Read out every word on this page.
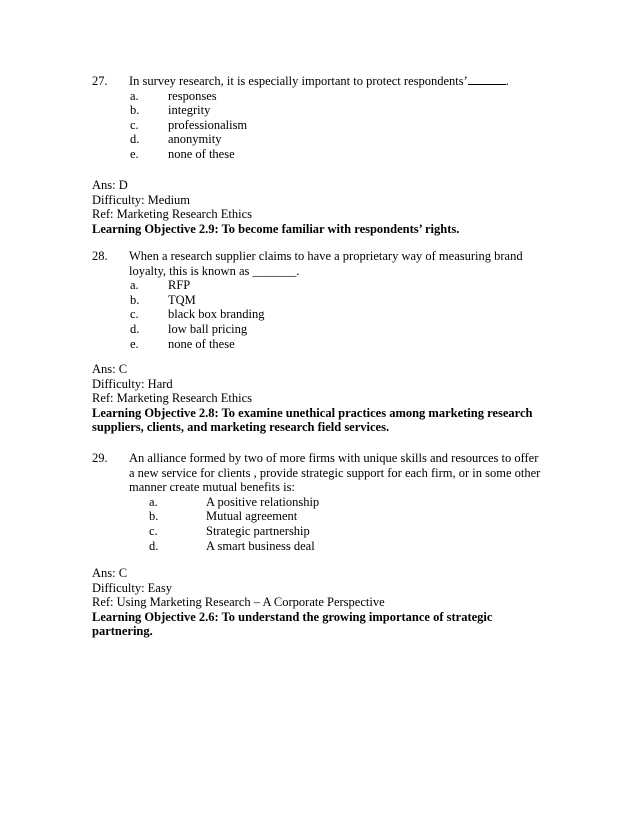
27.	In survey research, it is especially important to protect respondents’	.
a.	responses
b.	integrity
c.	professionalism
d.	anonymity
e.	none of these
Ans: D
Difficulty: Medium
Ref: Marketing Research Ethics
Learning Objective 2.9: To become familiar with respondents’ rights.
28.	When a research supplier claims to have a proprietary way of measuring brand
loyalty, this is known as _______.
a.	RFP
b.	TQM
c.	black box branding
d.	low ball pricing
e.	none of these
Ans: C
Difficulty: Hard
Ref: Marketing Research Ethics
Learning Objective 2.8: To examine unethical practices among marketing research
suppliers, clients, and marketing research field services.
29.	An alliance formed by two of more firms with unique skills and resources to offer
a new service for clients , provide strategic support for each firm, or in some other
manner create mutual benefits is:
a.	A positive relationship
b.	Mutual agreement
c.	Strategic partnership
d.	A smart business deal
Ans: C
Difficulty: Easy
Ref: Using Marketing Research – A Corporate Perspective
Learning Objective 2.6: To understand the growing importance of strategic
partnering.
